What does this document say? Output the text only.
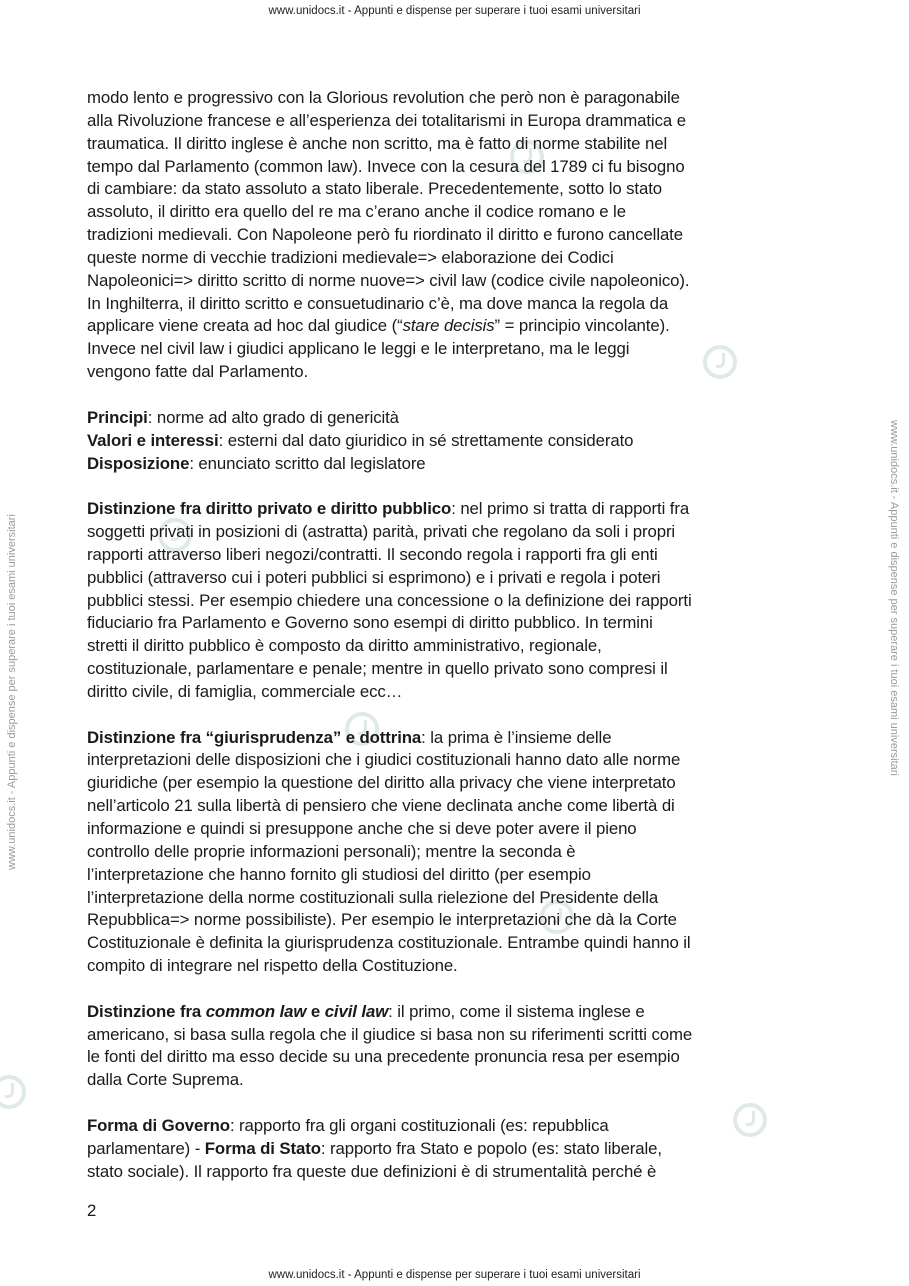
www.unidocs.it - Appunti e dispense per superare i tuoi esami universitari
www.unidocs.it - Appunti e dispense per superare i tuoi esami universitari
www.unidocs.it - Appunti e dispense per superare i tuoi esami universitari	www.unidocs.it - Appunti e dispense per superare i tuoi esami universitari

modo lento e progressivo con la Glorious revolution che però non è paragonabile
alla Rivoluzione francese e all’esperienza dei totalitarismi in Europa drammatica e
traumatica. Il diritto inglese è anche non scritto, ma è fatto di norme stabilite nel
tempo dal Parlamento (common law). Invece con la cesura del 1789 ci fu bisogno
di cambiare: da stato assoluto a stato liberale. Precedentemente, sotto lo stato
assoluto, il diritto era quello del re ma c’erano anche il codice romano e le
tradizioni medievali. Con Napoleone però fu riordinato il diritto e furono cancellate
queste norme di vecchie tradizioni medievale=> elaborazione dei Codici
Napoleonici=> diritto scritto di norme nuove=> civil law (codice civile napoleonico).
In Inghilterra, il diritto scritto e consuetudinario c’è, ma dove manca la regola da
applicare viene creata ad hoc dal giudice (“stare decisis” = principio vincolante).
Invece nel civil law i giudici applicano le leggi e le interpretano, ma le leggi
vengono fatte dal Parlamento.

Principi: norme ad alto grado di genericità
Valori e interessi: esterni dal dato giuridico in sé strettamente considerato
Disposizione: enunciato scritto dal legislatore

Distinzione fra diritto privato e diritto pubblico: nel primo si tratta di rapporti fra
soggetti privati in posizioni di (astratta) parità, privati che regolano da soli i propri
rapporti attraverso liberi negozi/contratti. Il secondo regola i rapporti fra gli enti
pubblici (attraverso cui i poteri pubblici si esprimono) e i privati e regola i poteri
pubblici stessi. Per esempio chiedere una concessione o la definizione dei rapporti
fiduciario fra Parlamento e Governo sono esempi di diritto pubblico. In termini
stretti il diritto pubblico è composto da diritto amministrativo, regionale,
costituzionale, parlamentare e penale; mentre in quello privato sono compresi il
diritto civile, di famiglia, commerciale ecc…

Distinzione fra “giurisprudenza” e dottrina: la prima è l’insieme delle
interpretazioni delle disposizioni che i giudici costituzionali hanno dato alle norme
giuridiche (per esempio la questione del diritto alla privacy che viene interpretato
nell’articolo 21 sulla libertà di pensiero che viene declinata anche come libertà di
informazione e quindi si presuppone anche che si deve poter avere il pieno
controllo delle proprie informazioni personali); mentre la seconda è
l’interpretazione che hanno fornito gli studiosi del diritto (per esempio
l’interpretazione della norme costituzionali sulla rielezione del Presidente della
Repubblica=> norme possibiliste). Per esempio le interpretazioni che dà la Corte
Costituzionale è definita la giurisprudenza costituzionale. Entrambe quindi hanno il
compito di integrare nel rispetto della Costituzione.

Distinzione fra common law e civil law: il primo, come il sistema inglese e
americano, si basa sulla regola che il giudice si basa non su riferimenti scritti come
le fonti del diritto ma esso decide su una precedente pronuncia resa per esempio
dalla Corte Suprema.

Forma di Governo: rapporto fra gli organi costituzionali (es: repubblica
parlamentare) - Forma di Stato: rapporto fra Stato e popolo (es: stato liberale,
stato sociale). Il rapporto fra queste due definizioni è di strumentalità perché è

2
